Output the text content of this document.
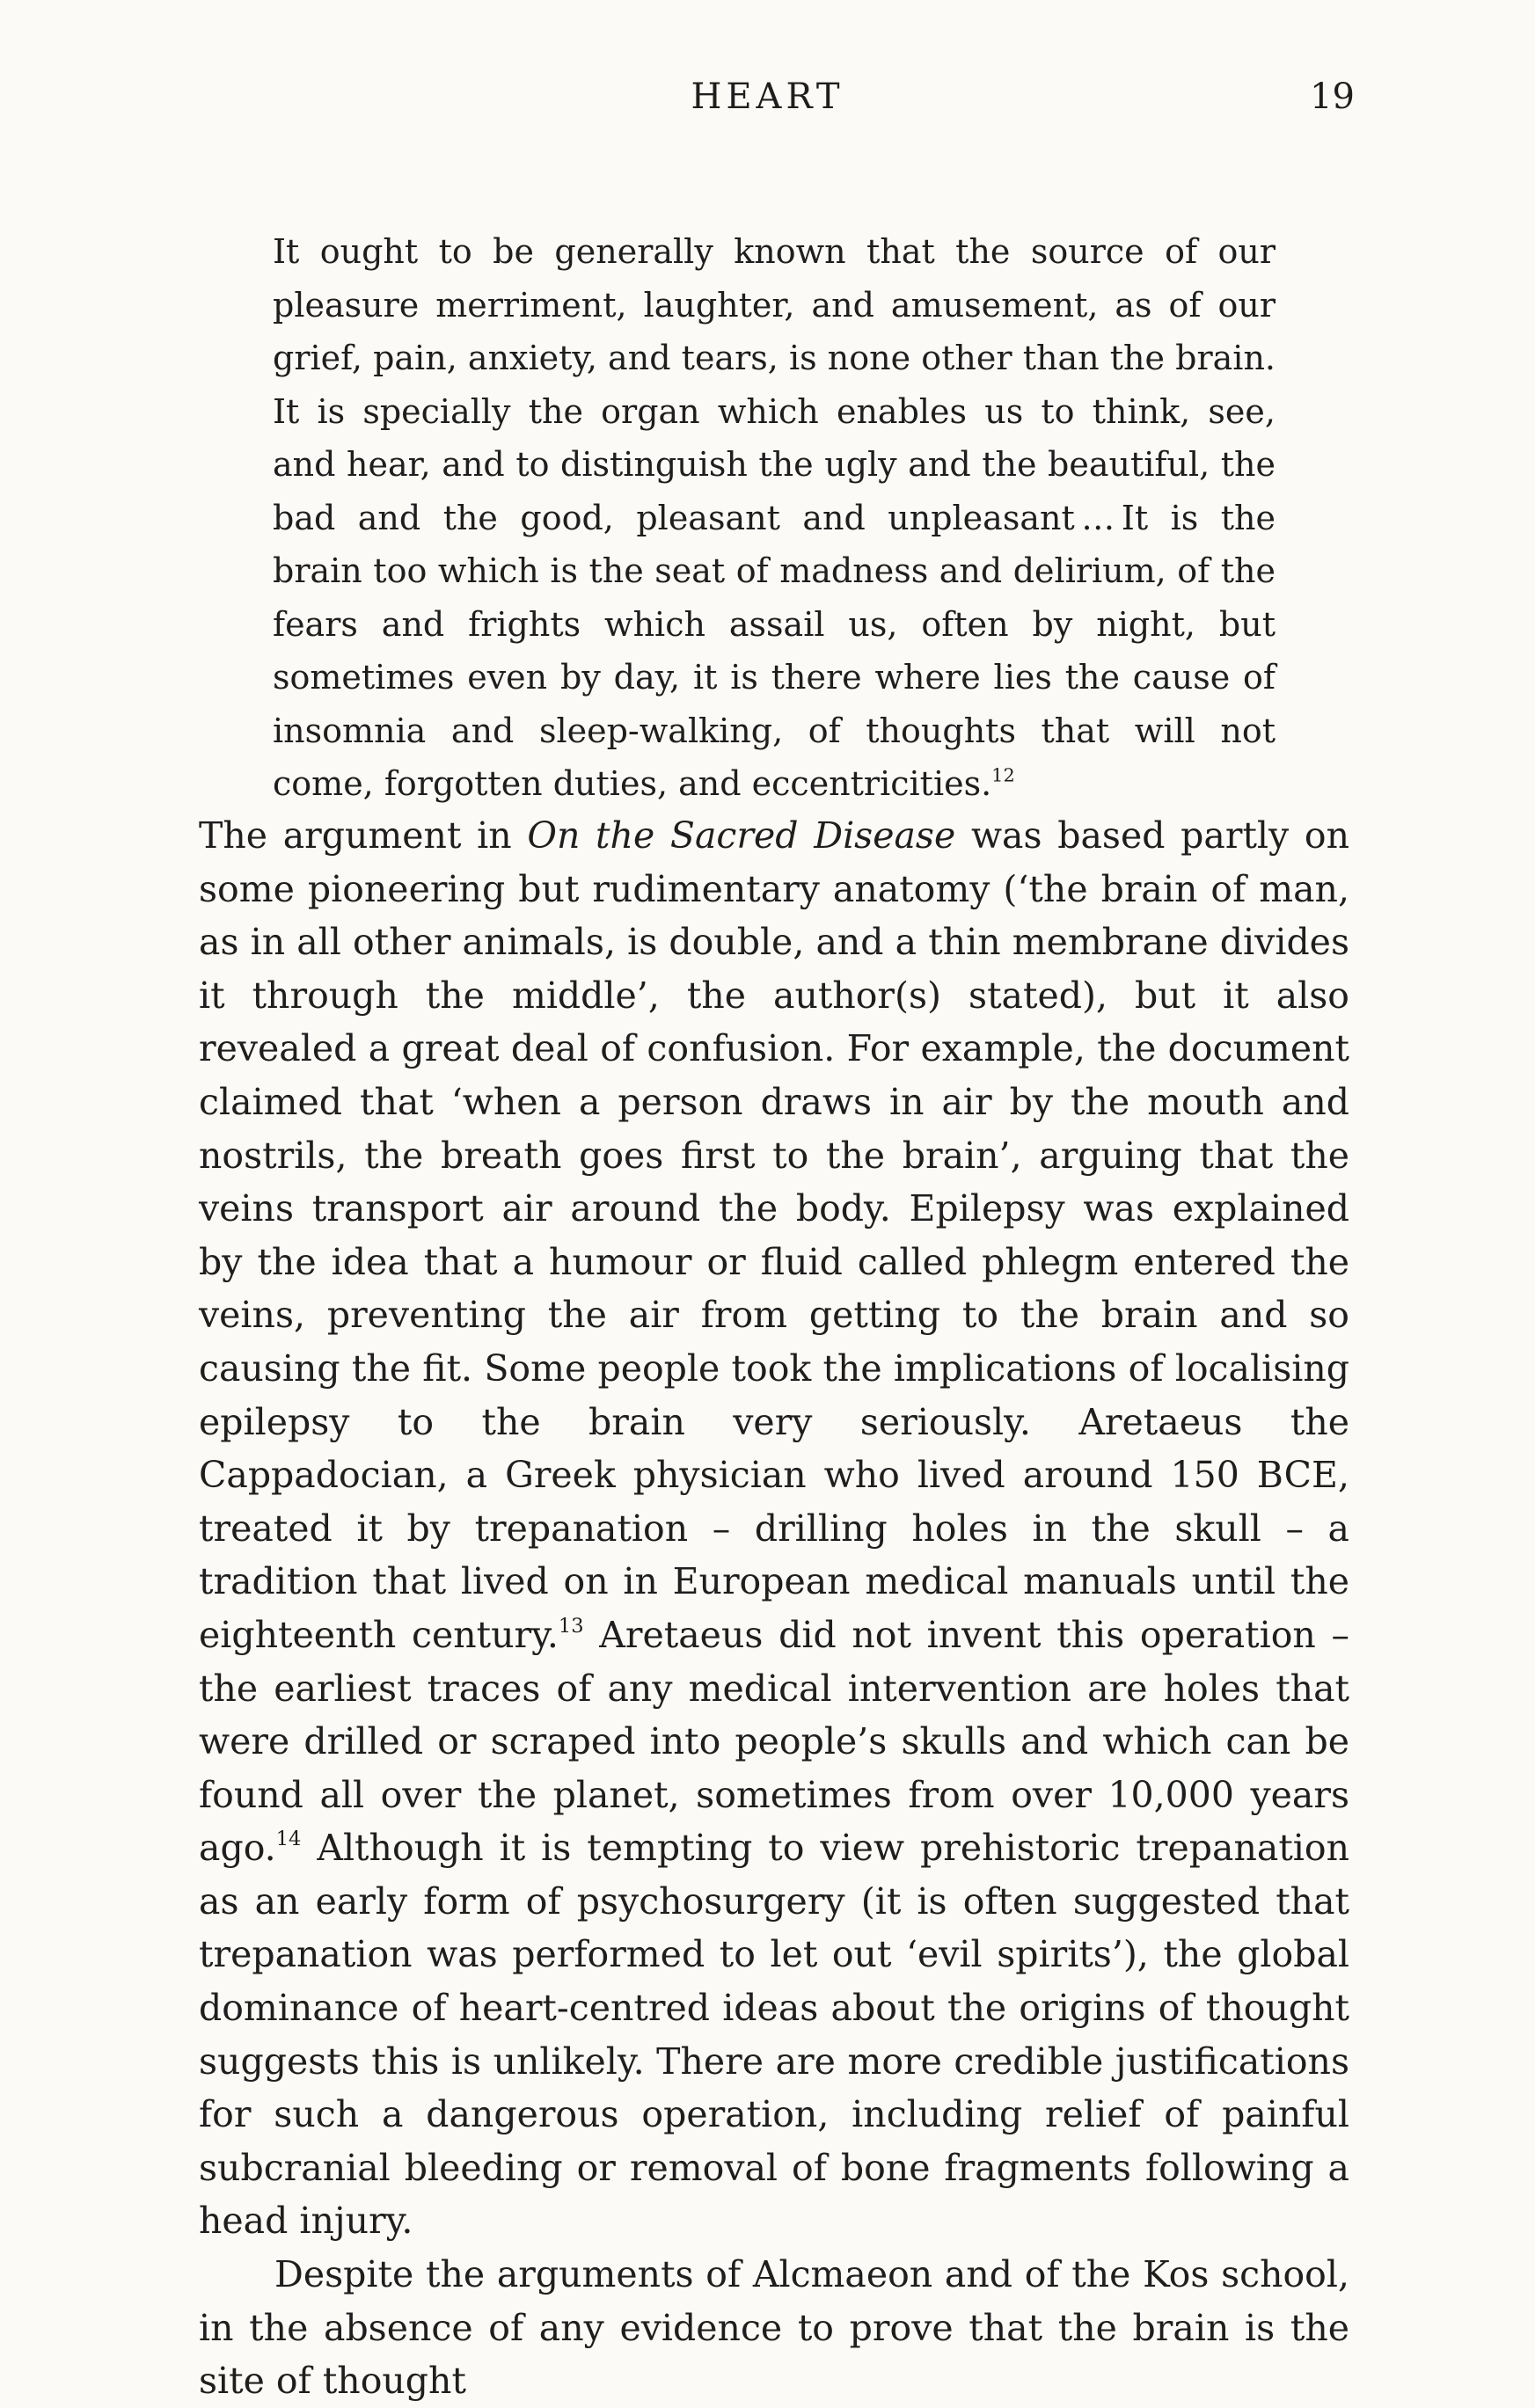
HEART	19
It ought to be generally known that the source of our pleasure merriment, laughter, and amusement, as of our grief, pain, anxiety, and tears, is none other than the brain. It is specially the organ which enables us to think, see, and hear, and to distinguish the ugly and the beautiful, the bad and the good, pleasant and unpleasant … It is the brain too which is the seat of madness and delirium, of the fears and frights which assail us, often by night, but sometimes even by day, it is there where lies the cause of insomnia and sleep-walking, of thoughts that will not come, forgotten duties, and eccentricities.$^{12}$

The argument in On the Sacred Disease was based partly on some pioneering but rudimentary anatomy (‘the brain of man, as in all other animals, is double, and a thin membrane divides it through the middle’, the author(s) stated), but it also revealed a great deal of confusion. For example, the document claimed that ‘when a person draws in air by the mouth and nostrils, the breath goes first to the brain’, arguing that the veins transport air around the body. Epilepsy was explained by the idea that a humour or fluid called phlegm entered the veins, preventing the air from getting to the brain and so causing the fit. Some people took the implications of localising epilepsy to the brain very seriously. Aretaeus the Cappadocian, a Greek physician who lived around 150 BCE, treated it by trepanation – drilling holes in the skull – a tradition that lived on in European medical manuals until the eighteenth century.$^{13}$ Aretaeus did not invent this operation – the earliest traces of any medical intervention are holes that were drilled or scraped into people’s skulls and which can be found all over the planet, sometimes from over 10,000 years ago.$^{14}$ Although it is tempting to view prehistoric trepanation as an early form of psychosurgery (it is often suggested that trepanation was performed to let out ‘evil spirits’), the global dominance of heart-centred ideas about the origins of thought suggests this is unlikely. There are more credible justifications for such a dangerous operation, including relief of painful subcranial bleeding or removal of bone fragments following a head injury.

Despite the arguments of Alcmaeon and of the Kos school, in the absence of any evidence to prove that the brain is the site of thought
